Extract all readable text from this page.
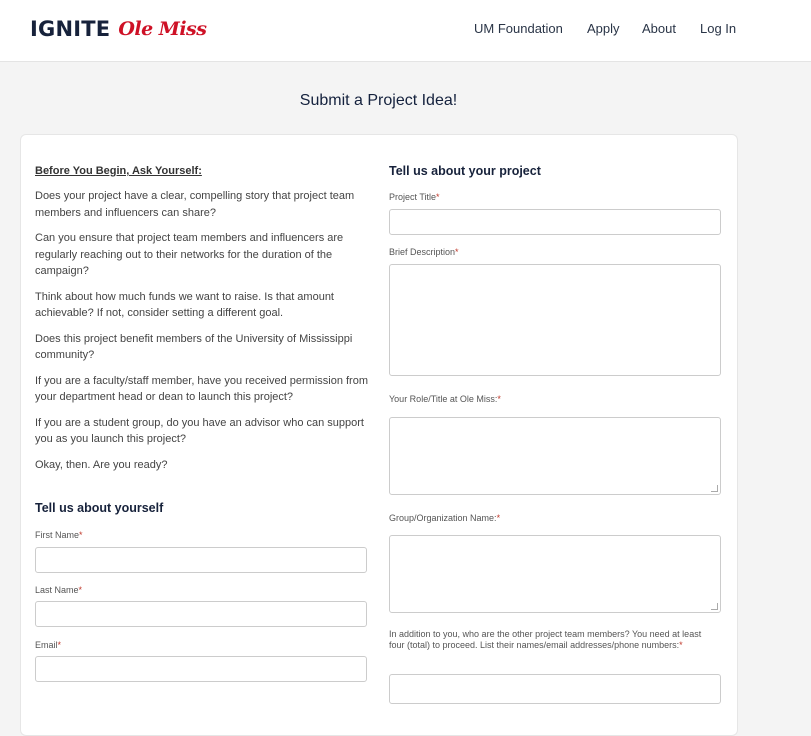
IGNITE Ole Miss	UM Foundation Apply About Log In
Submit a Project Idea!

Before You Begin, Ask Yourself:

Does your project have a clear, compelling story that project team members and influencers can share?

Can you ensure that project team members and influencers are regularly reaching out to their networks for the duration of the campaign?

Think about how much funds we want to raise. Is that amount achievable? If not, consider setting a different goal.

Does this project benefit members of the University of Mississippi community?

If you are a faculty/staff member, have you received permission from your department head or dean to launch this project?

If you are a student group, do you have an advisor who can support you as you launch this project?

Okay, then. Are you ready?

Tell us about yourself

First Name*
Last Name*
Email*

Tell us about your project

Project Title*
Brief Description*
Your Role/Title at Ole Miss:*
Group/Organization Name:*
In addition to you, who are the other project team members? You need at least four (total) to proceed. List their names/email addresses/phone numbers:*
